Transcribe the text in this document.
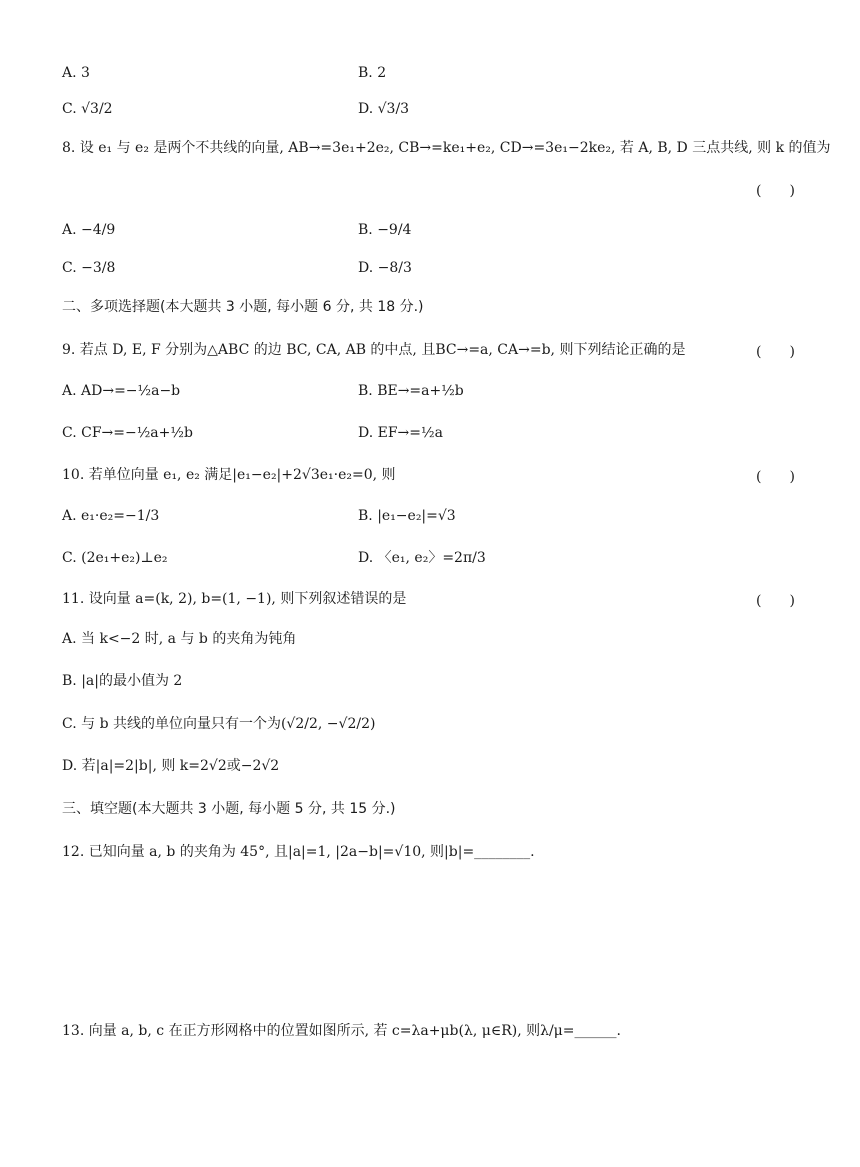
A. 3	B. 2
C. √3/2	D. √3/3
8. 设 e₁ 与 e₂ 是两个不共线的向量, AB→=3e₁+2e₂, CB→=ke₁+e₂, CD→=3e₁−2ke₂, 若 A, B, D 三点共线, 则 k 的值为
(　　)
A. −4/9	B. −9/4
C. −3/8	D. −8/3
二、多项选择题(本大题共 3 小题, 每小题 6 分, 共 18 分.)
9. 若点 D, E, F 分别为△ABC 的边 BC, CA, AB 的中点, 且BC→=a, CA→=b, 则下列结论正确的是	(　　)
A. AD→=−½a−b	B. BE→=a+½b
C. CF→=−½a+½b	D. EF→=½a
10. 若单位向量 e₁, e₂ 满足|e₁−e₂|+2√3e₁·e₂=0, 则	(　　)
A. e₁·e₂=−1/3	B. |e₁−e₂|=√3
C. (2e₁+e₂)⊥e₂	D. 〈e₁, e₂〉=2π/3
11. 设向量 a=(k, 2), b=(1, −1), 则下列叙述错误的是	(　　)
A. 当 k<−2 时, a 与 b 的夹角为钝角
B. |a|的最小值为 2
C. 与 b 共线的单位向量只有一个为(√2/2, −√2/2)
D. 若|a|=2|b|, 则 k=2√2或−2√2
三、填空题(本大题共 3 小题, 每小题 5 分, 共 15 分.)
12. 已知向量 a, b 的夹角为 45°, 且|a|=1, |2a−b|=√10, 则|b|=________.
13. 向量 a, b, c 在正方形网格中的位置如图所示, 若 c=λa+μb(λ, μ∈R), 则λ/μ=______.
